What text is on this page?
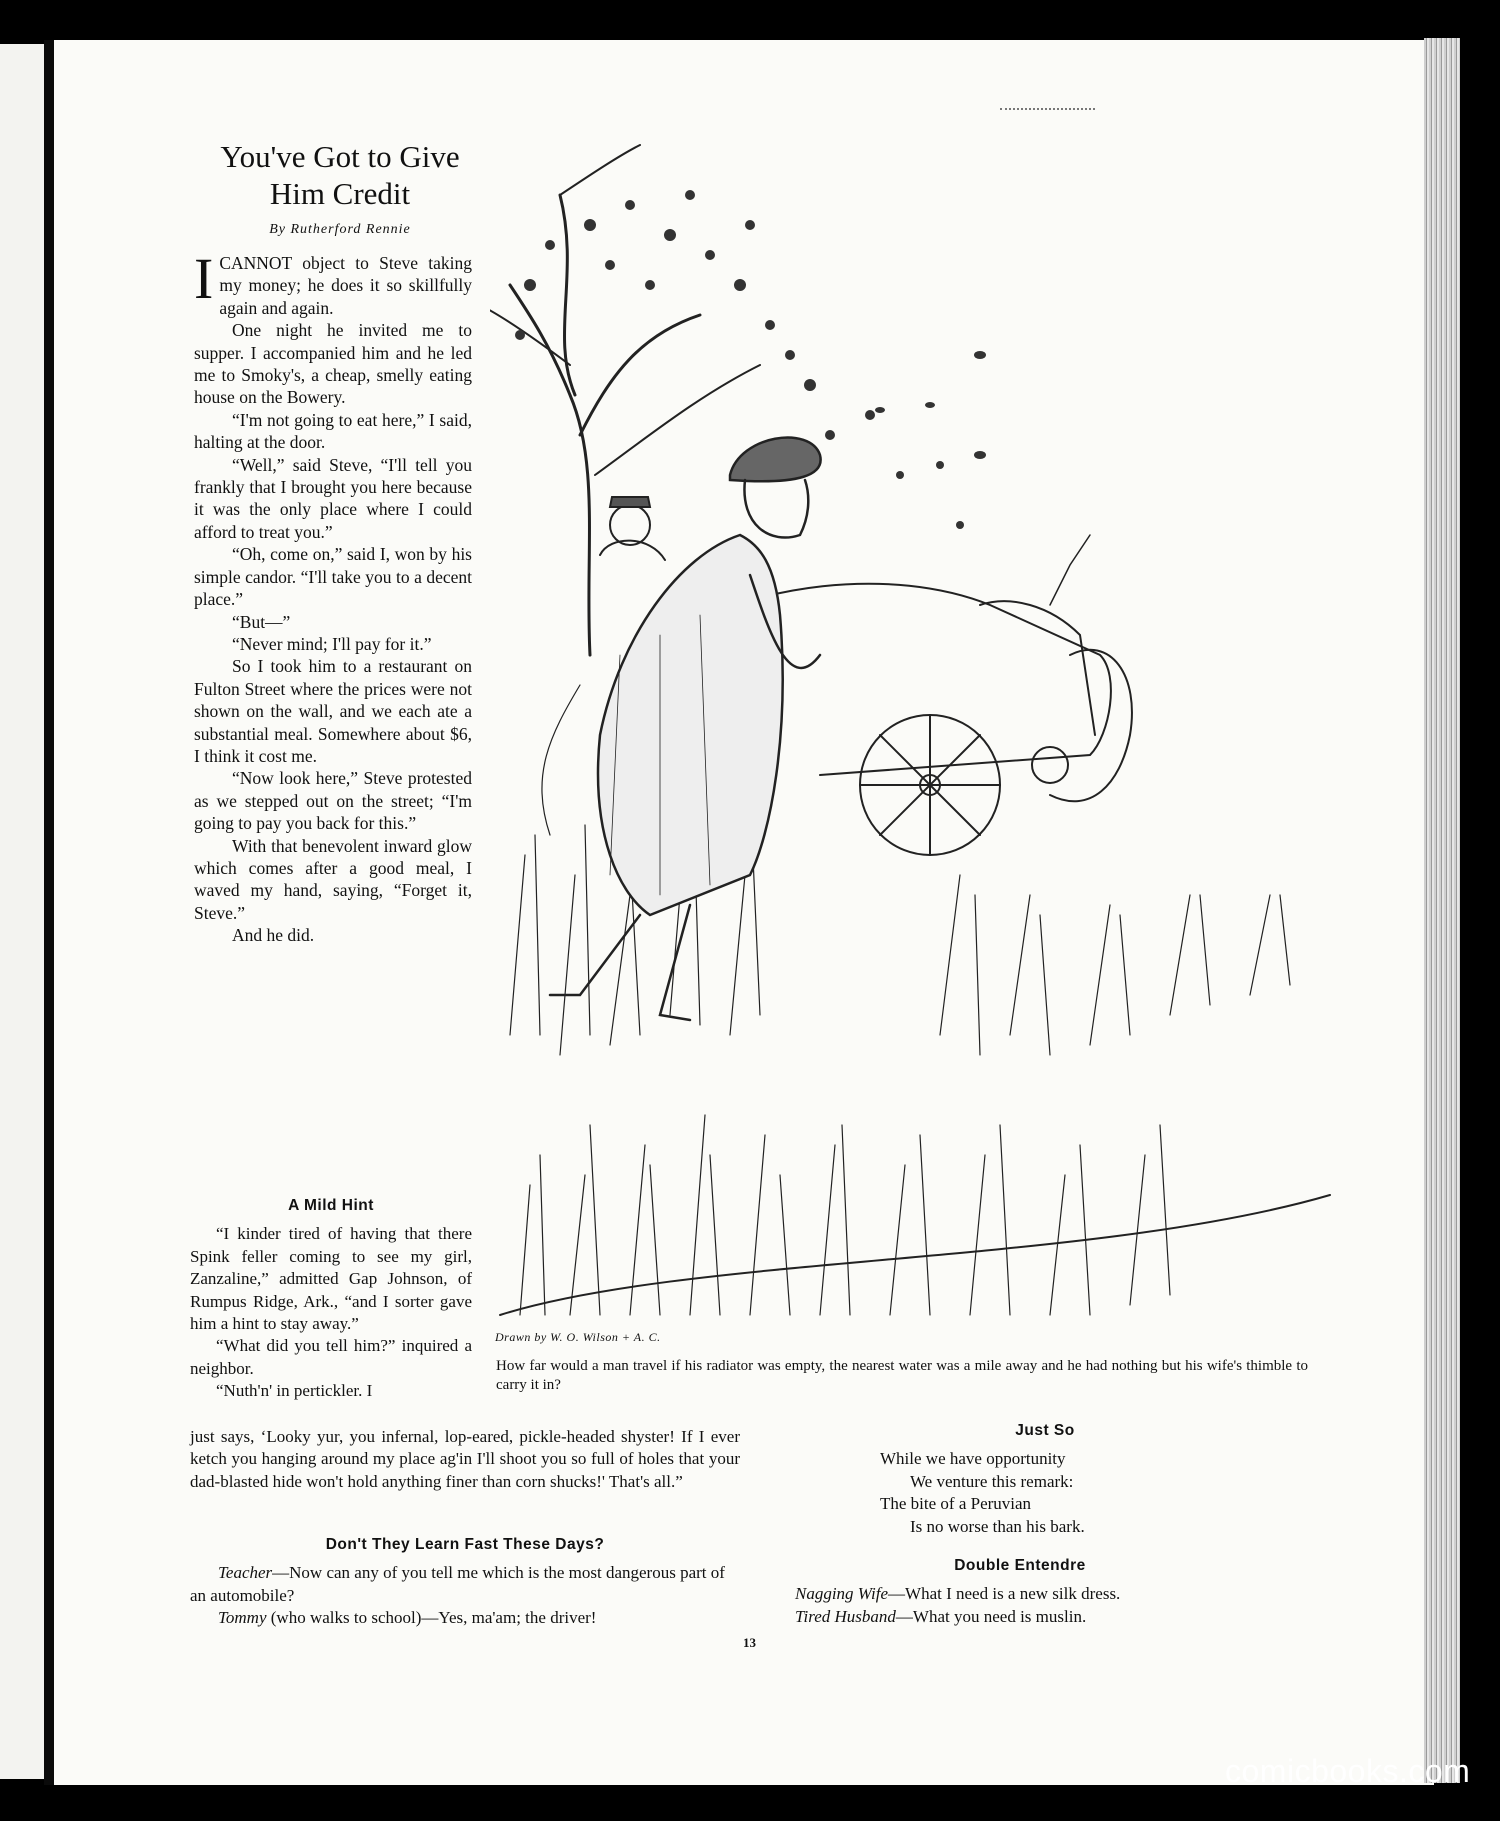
You've Got to Give Him Credit
By Rutherford Rennie

ICANNOT object to Steve taking my money; he does it so skillfully again and again.

One night he invited me to supper. I accompanied him and he led me to Smoky's, a cheap, smelly eating house on the Bowery.

“I'm not going to eat here,” I said, halting at the door.

“Well,” said Steve, “I'll tell you frankly that I brought you here because it was the only place where I could afford to treat you.”

“Oh, come on,” said I, won by his simple candor. “I'll take you to a decent place.”

“But—”

“Never mind; I'll pay for it.”

So I took him to a restaurant on Fulton Street where the prices were not shown on the wall, and we each ate a substantial meal. Somewhere about $6, I think it cost me.

“Now look here,” Steve protested as we stepped out on the street; “I'm going to pay you back for this.”

With that benevolent inward glow which comes after a good meal, I waved my hand, saying, “Forget it, Steve.”

And he did.

A Mild Hint

“I kinder tired of having that there Spink feller coming to see my girl, Zanzaline,” admitted Gap Johnson, of Rumpus Ridge, Ark., “and I sorter gave him a hint to stay away.”

“What did you tell him?” inquired a neighbor.

“Nuth'n' in pertickler. I

just says, ‘Looky yur, you infernal, lop-eared, pickle-headed shyster! If I ever ketch you hanging around my place ag'in I'll shoot you so full of holes that your dad-blasted hide won't hold anything finer than corn shucks!' That's all.”

Don't They Learn Fast These Days?

Teacher—Now can any of you tell me which is the most dangerous part of an automobile?

Tommy (who walks to school)—Yes, ma'am; the driver!

Drawn by W. O. Wilson + A. C.
How far would a man travel if his radiator was empty, the nearest water was a mile away and he had nothing but his wife's thimble to carry it in?
Just So
While we have opportunity
We venture this remark:
The bite of a Peruvian
Is no worse than his bark.
Double Entendre
Nagging Wife—What I need is a new silk dress.
Tired Husband—What you need is muslin.
13
comicbooks.com
